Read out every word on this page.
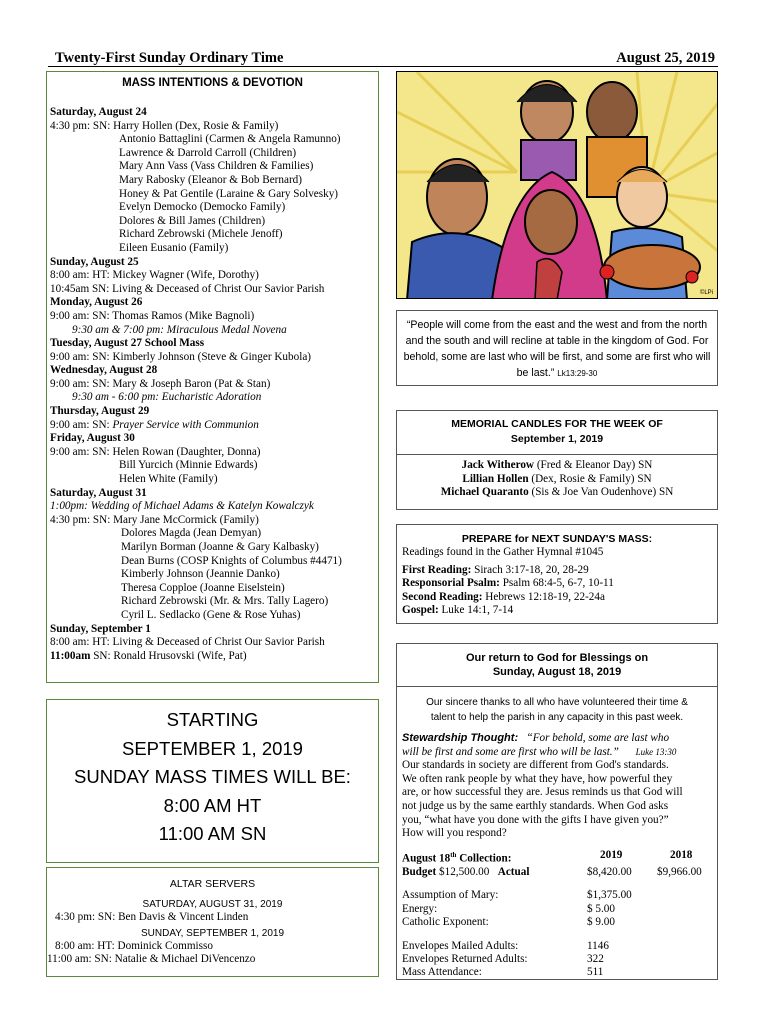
Twenty-First Sunday Ordinary Time	August 25, 2019
MASS INTENTIONS & DEVOTION
Saturday, August 24
4:30 pm: SN: Harry Hollen (Dex, Rosie & Family)
Antonio Battaglini (Carmen & Angela Ramunno)
Lawrence & Darrold Carroll (Children)
Mary Ann Vass (Vass Children & Families)
Mary Rabosky (Eleanor & Bob Bernard)
Honey & Pat Gentile (Laraine & Gary Solvesky)
Evelyn Democko (Democko Family)
Dolores & Bill James (Children)
Richard Zebrowski (Michele Jenoff)
Eileen Eusanio (Family)
Sunday, August 25
8:00 am: HT: Mickey Wagner (Wife, Dorothy)
10:45am SN: Living & Deceased of Christ Our Savior Parish
Monday, August 26
9:00 am: SN: Thomas Ramos (Mike Bagnoli)
9:30 am & 7:00 pm: Miraculous Medal Novena
Tuesday, August 27 School Mass
9:00 am: SN: Kimberly Johnson (Steve & Ginger Kubola)
Wednesday, August 28
9:00 am: SN: Mary & Joseph Baron (Pat & Stan)
9:30 am - 6:00 pm: Eucharistic Adoration
Thursday, August 29
9:00 am: SN: Prayer Service with Communion
Friday, August 30
9:00 am: SN: Helen Rowan (Daughter, Donna)
Bill Yurcich (Minnie Edwards)
Helen White (Family)
Saturday, August 31
1:00pm: Wedding of Michael Adams & Katelyn Kowalczyk
4:30 pm: SN: Mary Jane McCormick (Family)
Dolores Magda (Jean Demyan)
Marilyn Borman (Joanne & Gary Kalbasky)
Dean Burns (COSP Knights of Columbus #4471)
Kimberly Johnson (Jeannie Danko)
Theresa Copploe (Joanne Eiselstein)
Richard Zebrowski (Mr. & Mrs. Tally Lagero)
Cyril L. Sedlacko (Gene & Rose Yuhas)
Sunday, September 1
8:00 am: HT: Living & Deceased of Christ Our Savior Parish
11:00am SN: Ronald Hrusovski (Wife, Pat)
STARTING
SEPTEMBER 1, 2019
SUNDAY MASS TIMES WILL BE:
8:00 AM HT
11:00 AM SN
ALTAR SERVERS
SATURDAY, AUGUST 31, 2019
4:30 pm: SN: Ben Davis & Vincent Linden
SUNDAY, SEPTEMBER 1, 2019
8:00 am: HT: Dominick Commisso
11:00 am: SN: Natalie & Michael DiVencenzo
©LPi
“People will come from the east and the west and from the north and the south and will recline at table in the kingdom of God. For behold, some are last who will be first, and some are first who will be last.” Lk13:29-30
MEMORIAL CANDLES FOR THE WEEK OF
September 1, 2019
Jack Witherow (Fred & Eleanor Day) SN
Lillian Hollen (Dex, Rosie & Family) SN
Michael Quaranto (Sis & Joe Van Oudenhove) SN
PREPARE for NEXT SUNDAY'S MASS:
Readings found in the Gather Hymnal #1045
First Reading: Sirach 3:17-18, 20, 28-29
Responsorial Psalm: Psalm 68:4-5, 6-7, 10-11
Second Reading: Hebrews 12:18-19, 22-24a
Gospel: Luke 14:1, 7-14
Our return to God for Blessings on
Sunday, August 18, 2019
Our sincere thanks to all who have volunteered their time &
talent to help the parish in any capacity in this past week.
Stewardship Thought: “For behold, some are last who
will be first and some are first who will be last.” Luke 13:30
Our standards in society are different from God's standards.
We often rank people by what they have, how powerful they
are, or how successful they are. Jesus reminds us that God will
not judge us by the same earthly standards. When God asks
you, “what have you done with the gifts I have given you?”
How will you respond?
August 18th Collection:	2019	2018
Budget $12,500.00 Actual	$8,420.00	$9,966.00

Assumption of Mary:	$1,375.00	
Energy:	$ 5.00	
Catholic Exponent:	$ 9.00	

Envelopes Mailed Adults:	1146	
Envelopes Returned Adults:	322	
Mass Attendance:	511	
